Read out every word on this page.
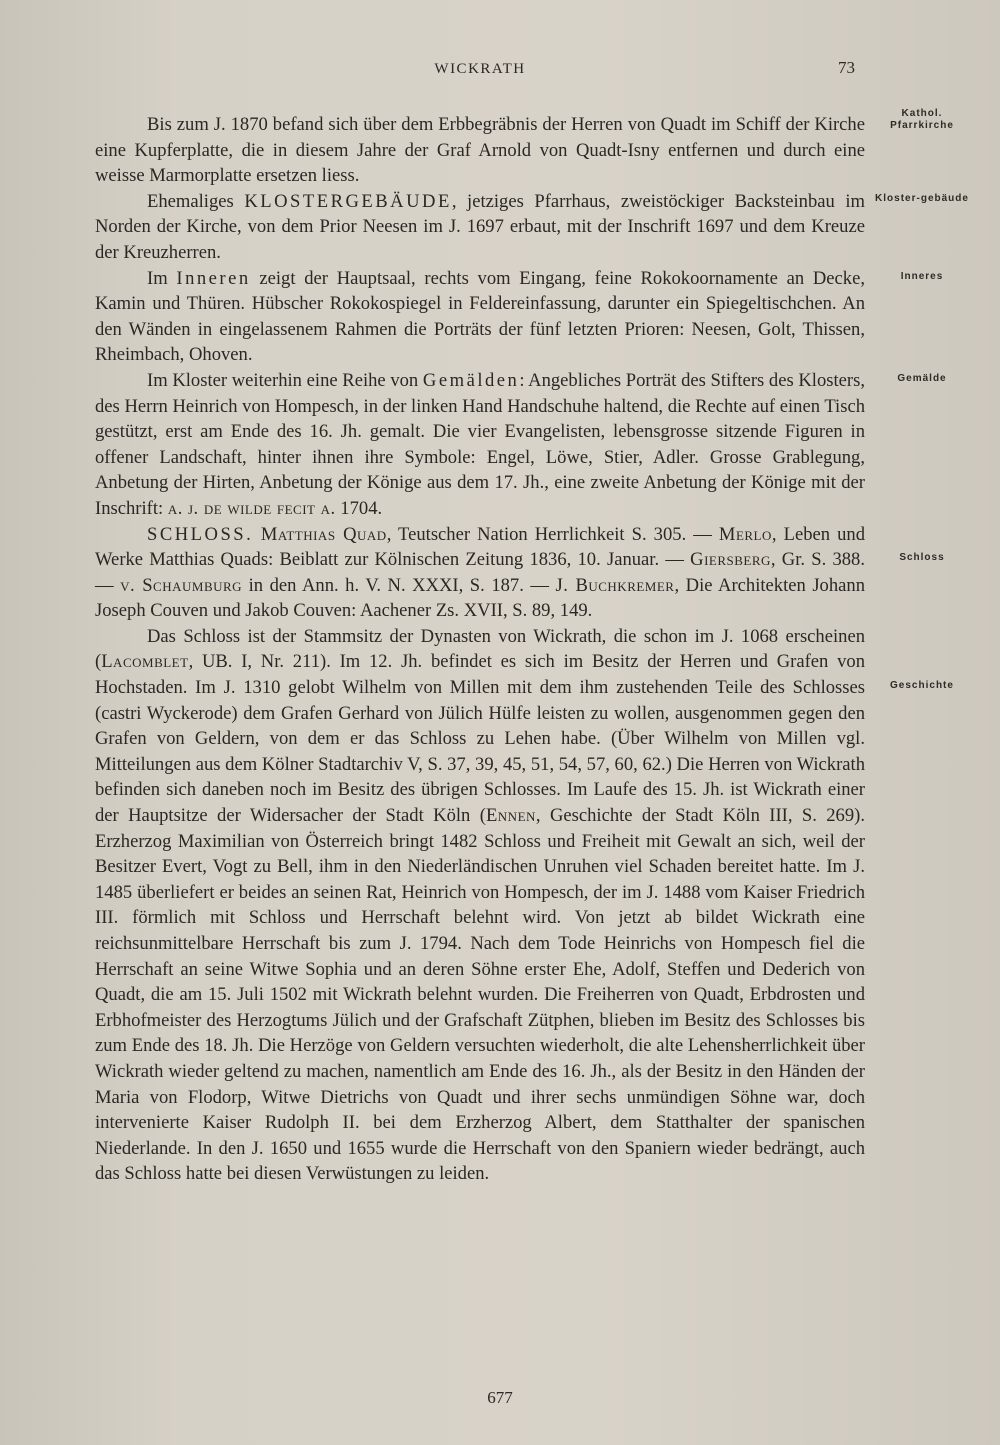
WICKRATH	73
Kathol. Pfarrkirche
Kloster-gebäude
Inneres
Gemälde
Schloss
Geschichte

Bis zum J. 1870 befand sich über dem Erbbegräbnis der Herren von Quadt im Schiff der Kirche eine Kupferplatte, die in diesem Jahre der Graf Arnold von Quadt-Isny entfernen und durch eine weisse Marmorplatte ersetzen liess.

Ehemaliges KLOSTERGEBÄUDE, jetziges Pfarrhaus, zweistöckiger Backsteinbau im Norden der Kirche, von dem Prior Neesen im J. 1697 erbaut, mit der Inschrift 1697 und dem Kreuze der Kreuzherren.

Im Inneren zeigt der Hauptsaal, rechts vom Eingang, feine Rokokoornamente an Decke, Kamin und Thüren. Hübscher Rokokospiegel in Feldereinfassung, darunter ein Spiegeltischchen. An den Wänden in eingelassenem Rahmen die Porträts der fünf letzten Prioren: Neesen, Golt, Thissen, Rheimbach, Ohoven.

Im Kloster weiterhin eine Reihe von Gemälden: Angebliches Porträt des Stifters des Klosters, des Herrn Heinrich von Hompesch, in der linken Hand Handschuhe haltend, die Rechte auf einen Tisch gestützt, erst am Ende des 16. Jh. gemalt. Die vier Evangelisten, lebensgrosse sitzende Figuren in offener Landschaft, hinter ihnen ihre Symbole: Engel, Löwe, Stier, Adler. Grosse Grablegung, Anbetung der Hirten, Anbetung der Könige aus dem 17. Jh., eine zweite Anbetung der Könige mit der Inschrift: a. j. de wilde fecit a. 1704.

SCHLOSS. Matthias Quad, Teutscher Nation Herrlichkeit S. 305. — Merlo, Leben und Werke Matthias Quads: Beiblatt zur Kölnischen Zeitung 1836, 10. Januar. — Giersberg, Gr. S. 388. — v. Schaumburg in den Ann. h. V. N. XXXI, S. 187. — J. Buchkremer, Die Architekten Johann Joseph Couven und Jakob Couven: Aachener Zs. XVII, S. 89, 149.

Das Schloss ist der Stammsitz der Dynasten von Wickrath, die schon im J. 1068 erscheinen (Lacomblet, UB. I, Nr. 211). Im 12. Jh. befindet es sich im Besitz der Herren und Grafen von Hochstaden. Im J. 1310 gelobt Wilhelm von Millen mit dem ihm zustehenden Teile des Schlosses (castri Wyckerode) dem Grafen Gerhard von Jülich Hülfe leisten zu wollen, ausgenommen gegen den Grafen von Geldern, von dem er das Schloss zu Lehen habe. (Über Wilhelm von Millen vgl. Mitteilungen aus dem Kölner Stadtarchiv V, S. 37, 39, 45, 51, 54, 57, 60, 62.) Die Herren von Wickrath befinden sich daneben noch im Besitz des übrigen Schlosses. Im Laufe des 15. Jh. ist Wickrath einer der Hauptsitze der Widersacher der Stadt Köln (Ennen, Geschichte der Stadt Köln III, S. 269). Erzherzog Maximilian von Österreich bringt 1482 Schloss und Freiheit mit Gewalt an sich, weil der Besitzer Evert, Vogt zu Bell, ihm in den Niederländischen Unruhen viel Schaden bereitet hatte. Im J. 1485 überliefert er beides an seinen Rat, Heinrich von Hompesch, der im J. 1488 vom Kaiser Friedrich III. förmlich mit Schloss und Herrschaft belehnt wird. Von jetzt ab bildet Wickrath eine reichsunmittelbare Herrschaft bis zum J. 1794. Nach dem Tode Heinrichs von Hompesch fiel die Herrschaft an seine Witwe Sophia und an deren Söhne erster Ehe, Adolf, Steffen und Dederich von Quadt, die am 15. Juli 1502 mit Wickrath belehnt wurden. Die Freiherren von Quadt, Erbdrosten und Erbhofmeister des Herzogtums Jülich und der Grafschaft Zütphen, blieben im Besitz des Schlosses bis zum Ende des 18. Jh. Die Herzöge von Geldern versuchten wiederholt, die alte Lehensherrlichkeit über Wickrath wieder geltend zu machen, namentlich am Ende des 16. Jh., als der Besitz in den Händen der Maria von Flodorp, Witwe Dietrichs von Quadt und ihrer sechs unmündigen Söhne war, doch intervenierte Kaiser Rudolph II. bei dem Erzherzog Albert, dem Statthalter der spanischen Niederlande. In den J. 1650 und 1655 wurde die Herrschaft von den Spaniern wieder bedrängt, auch das Schloss hatte bei diesen Verwüstungen zu leiden.

677
